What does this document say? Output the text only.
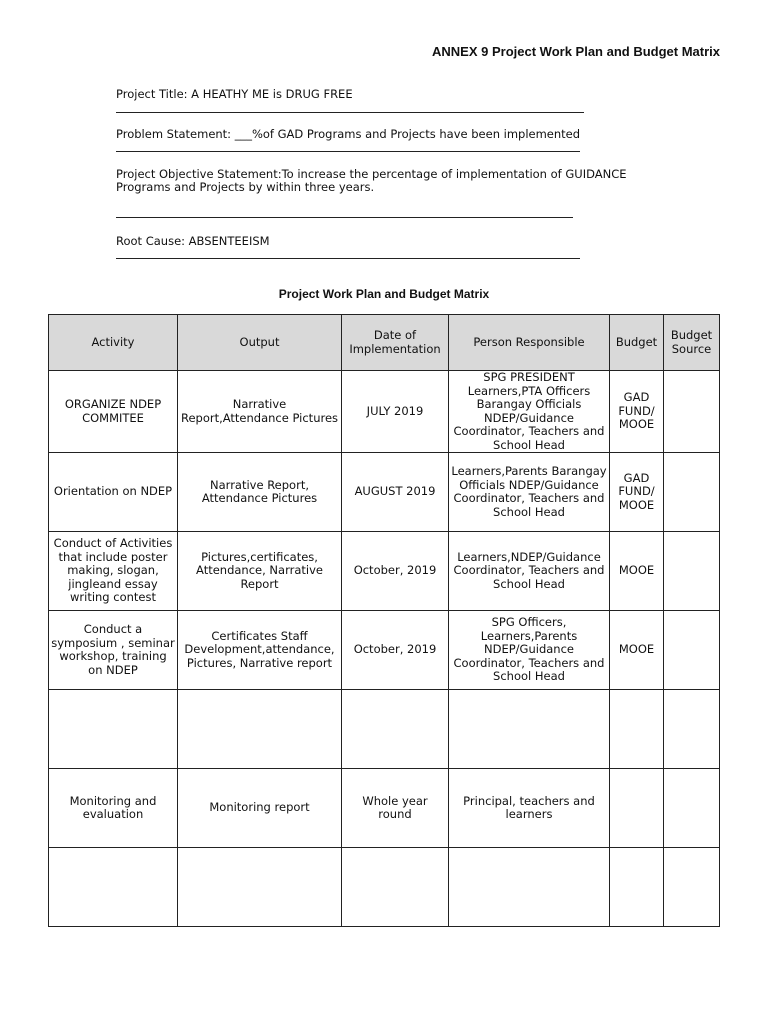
ANNEX 9 Project Work Plan and Budget Matrix
Project Title: A HEATHY ME is DRUG FREE
Problem Statement: ___%of GAD Programs and Projects have been implemented
Project Objective Statement:To increase the percentage of implementation of GUIDANCE
Programs and Projects by within three years.
Root Cause: ABSENTEEISM
Project Work Plan and Budget Matrix
Activity	Output	Date of Implementation	Person Responsible	Budget	Budget Source
ORGANIZE NDEP COMMITEE	Narrative Report,Attendance Pictures	JULY 2019	SPG PRESIDENT Learners,PTA Officers Barangay Officials NDEP/Guidance Coordinator, Teachers and School Head	GAD FUND/ MOOE	
Orientation on NDEP	Narrative Report, Attendance Pictures	AUGUST 2019	Learners,Parents Barangay Officials NDEP/Guidance Coordinator, Teachers and School Head	GAD FUND/ MOOE	
Conduct of Activities that include poster making, slogan, jingleand essay writing contest	Pictures,certificates, Attendance, Narrative Report	October, 2019	Learners,NDEP/Guidance Coordinator, Teachers and School Head	MOOE	
Conduct a symposium , seminar workshop, training on NDEP	Certificates Staff Development,attendance, Pictures, Narrative report	October, 2019	SPG Officers, Learners,Parents NDEP/Guidance Coordinator, Teachers and School Head	MOOE	

Monitoring and evaluation	Monitoring report	Whole year round	Principal, teachers and learners		
